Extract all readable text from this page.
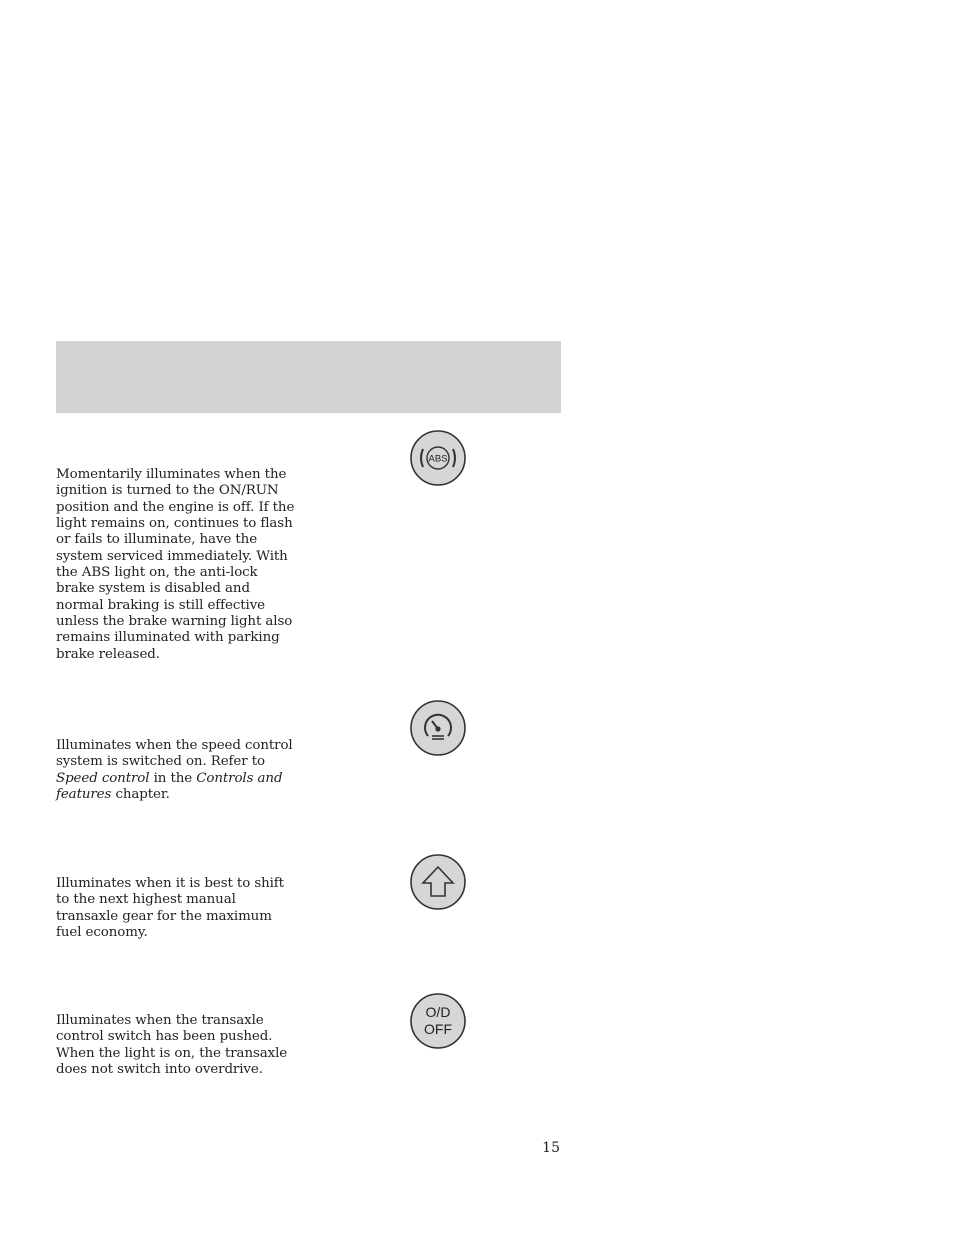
ABS

Momentarily illuminates when the
ignition is turned to the ON/RUN
position and the engine is off. If the
light remains on, continues to flash
or fails to illuminate, have the
system serviced immediately. With
the ABS light on, the anti-lock
brake system is disabled and
normal braking is still effective
unless the brake warning light also
remains illuminated with parking
brake released.

Illuminates when the speed control
system is switched on. Refer to
Speed control in the Controls and
features chapter.

Illuminates when it is best to shift
to the next highest manual
transaxle gear for the maximum
fuel economy.

O/D
OFF

Illuminates when the transaxle
control switch has been pushed.
When the light is on, the transaxle
does not switch into overdrive.

15
